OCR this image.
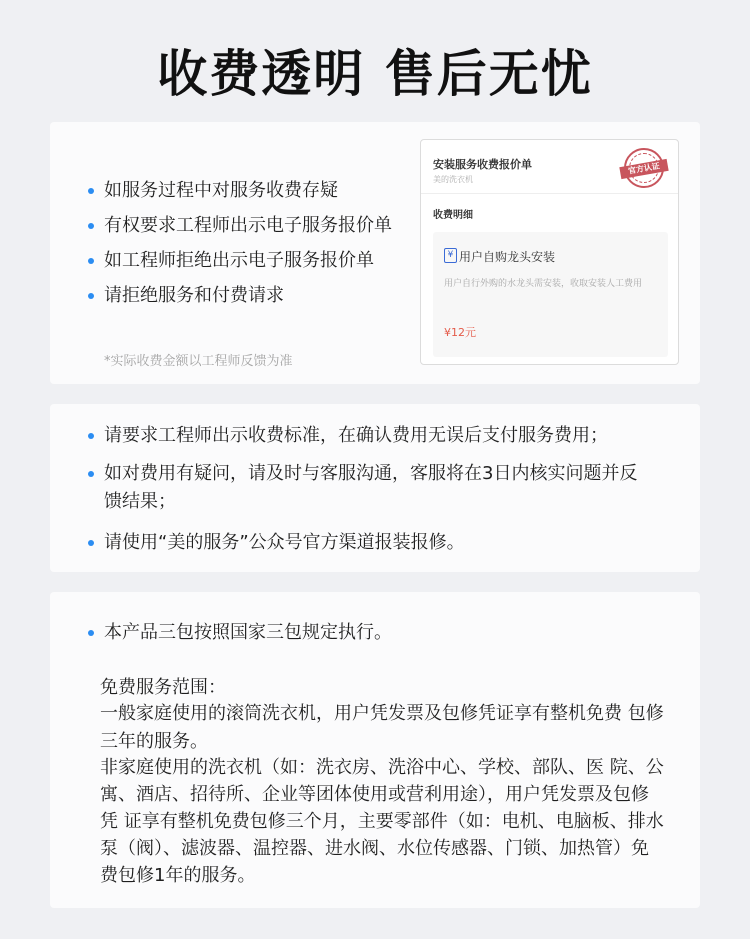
收费透明 售后无忧
如服务过程中对服务收费存疑
有权要求工程师出示电子服务报价单
如工程师拒绝出示电子服务报价单
请拒绝服务和付费请求
*实际收费金额以工程师反馈为准
安装服务收费报价单
美的洗衣机
官方认证
收费明细
¥ 用户自购龙头安装
用户自行外购的水龙头需安装，收取安装人工费用
¥12元
请要求工程师出示收费标准，在确认费用无误后支付服务费用；
如对费用有疑问，请及时与客服沟通，客服将在3日内核实问题并反
馈结果；
请使用“美的服务”公众号官方渠道报装报修。
本产品三包按照国家三包规定执行。
免费服务范围：
一般家庭使用的滚筒洗衣机，用户凭发票及包修凭证享有整机免费 包修
三年的服务。
非家庭使用的洗衣机（如：洗衣房、洗浴中心、学校、部队、医 院、公
寓、酒店、招待所、企业等团体使用或营利用途），用户凭发票及包修
凭 证享有整机免费包修三个月，主要零部件（如：电机、电脑板、排水
泵（阀）、滤波器、温控器、进水阀、水位传感器、门锁、加热管）免
费包修1年的服务。
